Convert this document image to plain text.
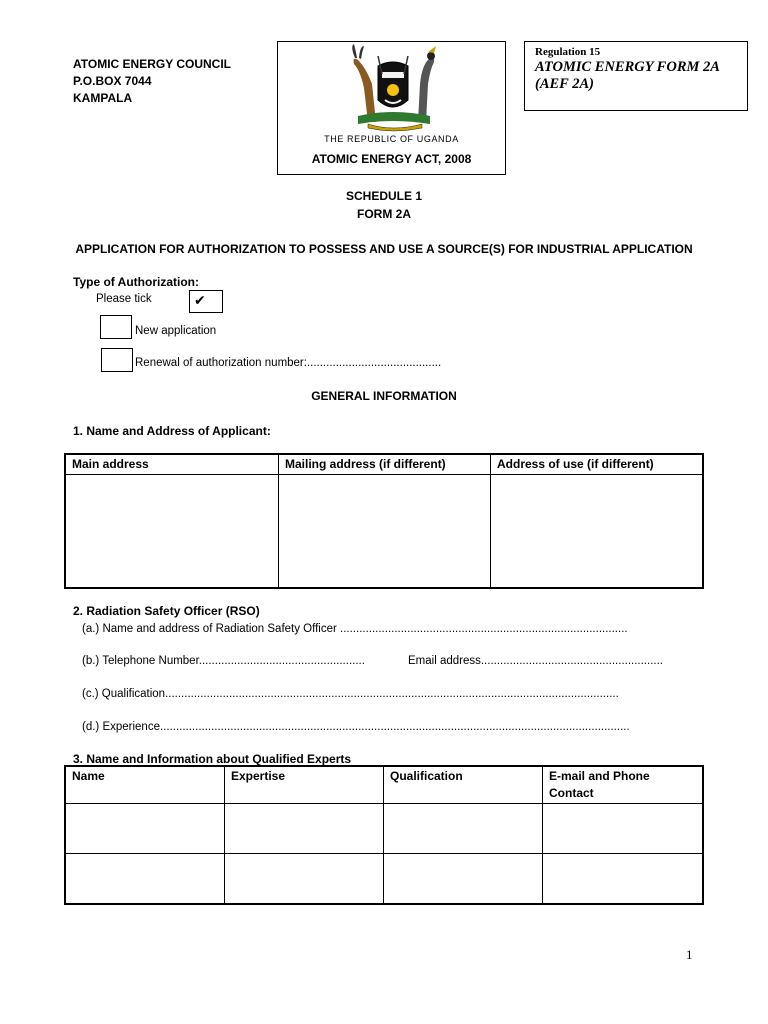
ATOMIC ENERGY COUNCIL
P.O.BOX 7044
KAMPALA
THE REPUBLIC OF UGANDA
ATOMIC ENERGY ACT, 2008
Regulation 15
ATOMIC ENERGY FORM 2A
(AEF 2A)
SCHEDULE 1
FORM 2A
APPLICATION FOR AUTHORIZATION TO POSSESS AND USE A SOURCE(S) FOR INDUSTRIAL APPLICATION
Type of Authorization:
Please tick	✔
New application
Renewal of authorization number:..........................................
GENERAL INFORMATION
1. Name and Address of Applicant:
Main address	Mailing address (if different)	Address of use (if different)

2. Radiation Safety Officer (RSO)
(a.) Name and address of Radiation Safety Officer ..........................................................................................
(b.) Telephone Number....................................................	Email address.........................................................
(c.) Qualification..............................................................................................................................................
(d.) Experience...................................................................................................................................................
3. Name and Information about Qualified Experts
Name	Expertise	Qualification	E-mail and Phone Contact

1
